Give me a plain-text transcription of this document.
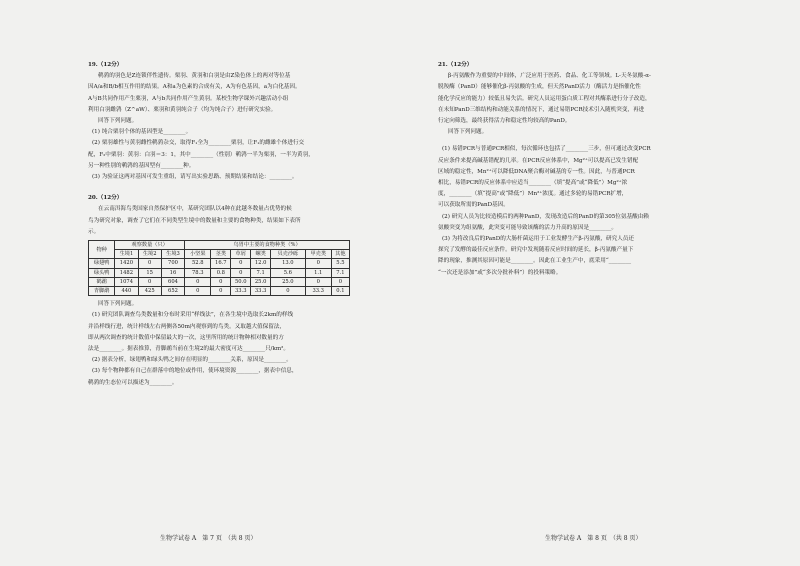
19.（12分）

鹌鹑的羽色是Z连锁伴性遗传。栗羽、黄羽和白羽是由Z染色体上的两对等位基

因A/a和B/b相互作用的结果。A和a为色素的合成有关，A为有色基因，a为白化基因。

A与B共同作用产生栗羽，A与b共同作用产生黄羽。某校生物学课外兴趣活动小组

利用白羽雌鹑（Z^aW）、栗羽和黄羽纯合子（均为纯合子）进行研究实验。

回答下列问题。

(1) 纯合栗羽个体的基因型是________。

(2) 栗羽雄性与黄羽雌性鹌鹑杂交，取得F₁全为________栗羽，让F₁的雌雄个体进行交

配，F₂中栗羽：黄羽：白羽＝3：1，其中________（性别）鹌鹑一半为栗羽，一半为黄羽，

另一种性别的鹌鹑的基因型有________种。

(3) 为验证这两对基因可发生重组，请写出实验思路、预期结果和结论：________。

20.（12分）

在云南洱海鸟类国家自然保护区中，某研究团队以4种在此越冬数量占优势的候

鸟为研究对象，调查了它们在不同类型生境中的数量和主要的食物种类，结果如下表所

示。

物种	观察数量（只）			鸟胃中主要的食物种类（%）						
	生境1	生境2	生境3	小坚果	茎类	草屑	螺类	贝壳沙砾	甲壳类	其他
绿翅鸭	1420	0	700	52.8	16.7	0	12.0	13.0	0	5.5
绿头鸭	1482	15	16	78.3	0.8	0	7.1	5.6	1.1	7.1
鹤鹬	1074	0	604	0	0	50.0	25.0	25.0	0	0
青脚鹬	440	425	652	0	0	33.3	33.3	0	33.3	0.1

回答下列问题。

(1) 研究团队调查鸟类数量和分布时采用“样线法”，在各生境中选取长2km的样线

并沿样线行进，统计样线左右两侧各50m内观察到的鸟类。又取越大值保留法，

即从两次调查的统计数值中保留最大的一次，这里所用的统计物种相对数量的方

法是________。据表推算，青脚鹬当前在生境2的最大密度可达________只/km²。

(2) 据表分析，绿翅鸭和绿头鸭之间存在明显的________关系，原因是________。

(3) 每个物种都有自己在群落中的地位或作用，使环境资源________，据表中信息，

鹌鹑的生态位可以描述为________。

21.（12分）

β-丙氨酸作为重要的中间体，广泛应用于医药、食品、化工等领域。L-天冬氨酸-α-

脱羧酶（PanD）能够催化β-丙氨酸的生成，但天然PanD活力（酶活力是指催化性

能化学反应的能力）较低且易失活。研究人员运用蛋白质工程对其酶系进行分子改造，

在未知PanD三维结构和动能关系的情况下，通过易错PCR技术引入随机突变，再进

行定向筛选，最终获得活力和稳定性均较高的PanD。

回答下列问题。

(1) 易错PCR与普通PCR相似，每次循环也包括了________三步，但可通过改变PCR

反应条件来提高碱基错配的几率。在PCR反应体系中，Mg²⁺可以提高已发生错配

区域的稳定性，Mn²⁺可以降低DNA聚合酶对碱基的专一性。因此，与普通PCR

相比，易错PCR的反应体系中应适当________（填“提高”或“降低”）Mg²⁺浓

度，________（填“提高”或“降低”）Mn²⁺浓度。通过多轮的易错PCR扩增，

可以获取所需的PanD基因。

(2) 研究人员为比较造模后的两种PanD，发现改造后的PanD的第305位氨基酸由赖

氨酸突变为组氨酸，此突变可能导致该酶的活力升高的原因是________。

(3) 为将改良后的PanD的大肠杆菌运用于工业发酵生产β-丙氨酸，研究人员还

探究了发酵的最佳反应条件。研究中发现随着反应时间的延长，β-丙氨酸产量下

降的现象，推测其原因可能是________。因此在工业生产中，底采用“________

“一次还是添加”或“多次分批补料”）的投料策略。

生物学试卷 A　第 7 页　（共 8 页）	生物学试卷 A　第 8 页　（共 8 页）
